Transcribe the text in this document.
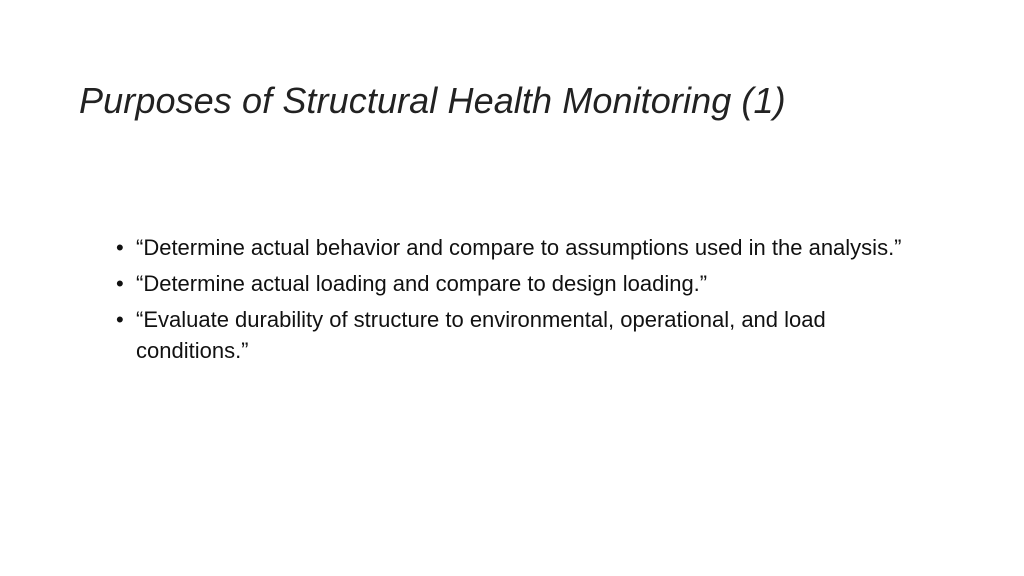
Purposes of Structural Health Monitoring (1)
• “Determine actual behavior and compare to assumptions used in the analysis.”
• “Determine actual loading and compare to design loading.”
• “Evaluate durability of structure to environmental, operational, and load conditions.”
